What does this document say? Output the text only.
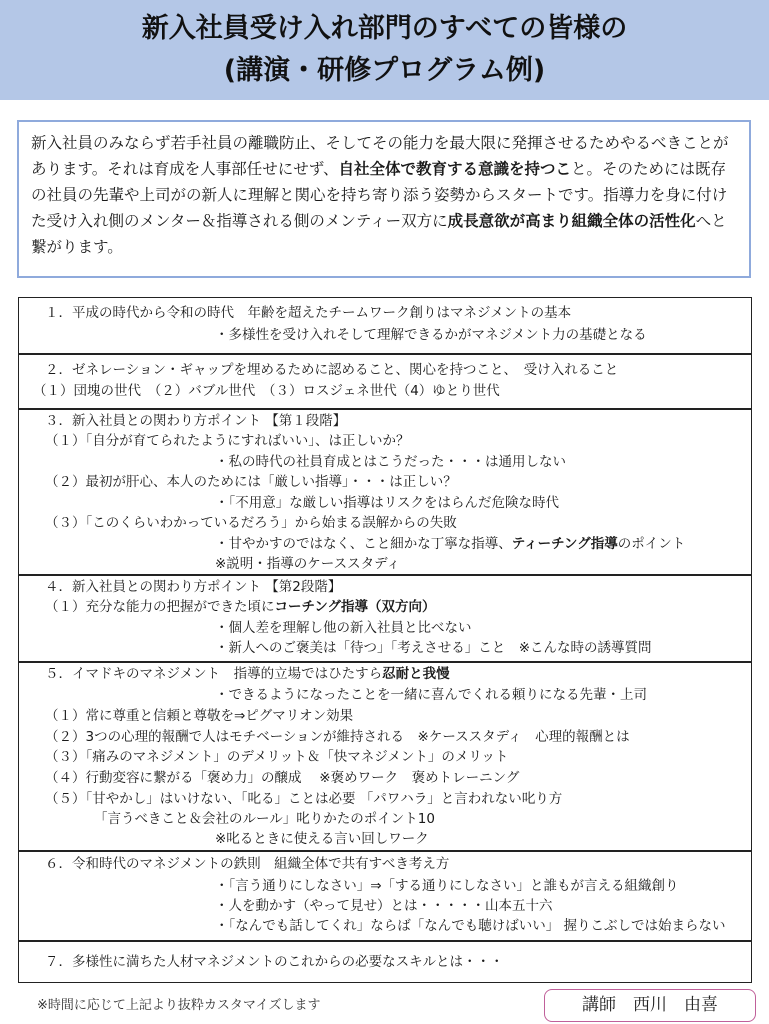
新入社員受け入れ部門のすべての皆様の
(講演・研修プログラム例)

新入社員のみならず若手社員の離職防止、そしてその能力を最大限に発揮させるためやるべきことがあります。それは育成を人事部任せにせず、自社全体で教育する意識を持つこと。そのためには既存の社員の先輩や上司がの新人に理解と関心を持ち寄り添う姿勢からスタートです。指導力を身に付けた受け入れ側のメンター＆指導される側のメンティー双方に成長意欲が高まり組織全体の活性化へと繋がります。

１．平成の時代から令和の時代　年齢を超えたチームワーク創りはマネジメントの基本
・多様性を受け入れそして理解できるかがマネジメント力の基礎となる
２．ゼネレーション・ギャップを埋めるために認めること、関心を持つこと、　受け入れること
（１）団塊の世代　（２）バブル世代　（３）ロスジェネ世代（4）ゆとり世代
３．新入社員との関わり方ポイント 【第１段階】
（１）「自分が育てられたようにすればいい」、は正しいか？
・私の時代の社員育成とはこうだった・・・は通用しない
（２）最初が肝心、本人のためには「厳しい指導」・・・は正しい？
・「不用意」な厳しい指導はリスクをはらんだ危険な時代
（３）「このくらいわかっているだろう」から始まる誤解からの失敗
・甘やかすのではなく、こと細かな丁寧な指導、ティーチング指導のポイント
※説明・指導のケーススタディ
４．新入社員との関わり方ポイント 【第2段階】
（１）充分な能力の把握ができた頃にコーチング指導（双方向）
・個人差を理解し他の新入社員と比べない
・新人へのご褒美は「待つ」「考えさせる」こと　※こんな時の誘導質問
５．イマドキのマネジメント　指導的立場ではひたすら忍耐と我慢
・できるようになったことを一緒に喜んでくれる頼りになる先輩・上司
（１）常に尊重と信頼と尊敬を⇒ピグマリオン効果
（２）3つの心理的報酬で人はモチベーションが維持される　※ケーススタディ　心理的報酬とは
（３）「痛みのマネジメント」のデメリット＆「快マネジメント」のメリット
（４）行動変容に繋がる「褒め力」の醸成　 ※褒めワーク　褒めトレーニング
（５）「甘やかし」はいけない、「叱る」ことは必要 「パワハラ」と言われない叱り方
「言うべきこと＆会社のルール」叱りかたのポイント10
※叱るときに使える言い回しワーク
６．令和時代のマネジメントの鉄則　組織全体で共有すべき考え方
・「言う通りにしなさい」⇒「する通りにしなさい」と誰もが言える組織創り
・人を動かす（やって見せ）とは・・・・・山本五十六
・「なんでも話してくれ」ならば「なんでも聴けばいい」 握りこぶしでは始まらない
７．多様性に満ちた人材マネジメントのこれからの必要なスキルとは・・・
※時間に応じて上記より抜粋カスタマイズします	講師　西川　由喜
